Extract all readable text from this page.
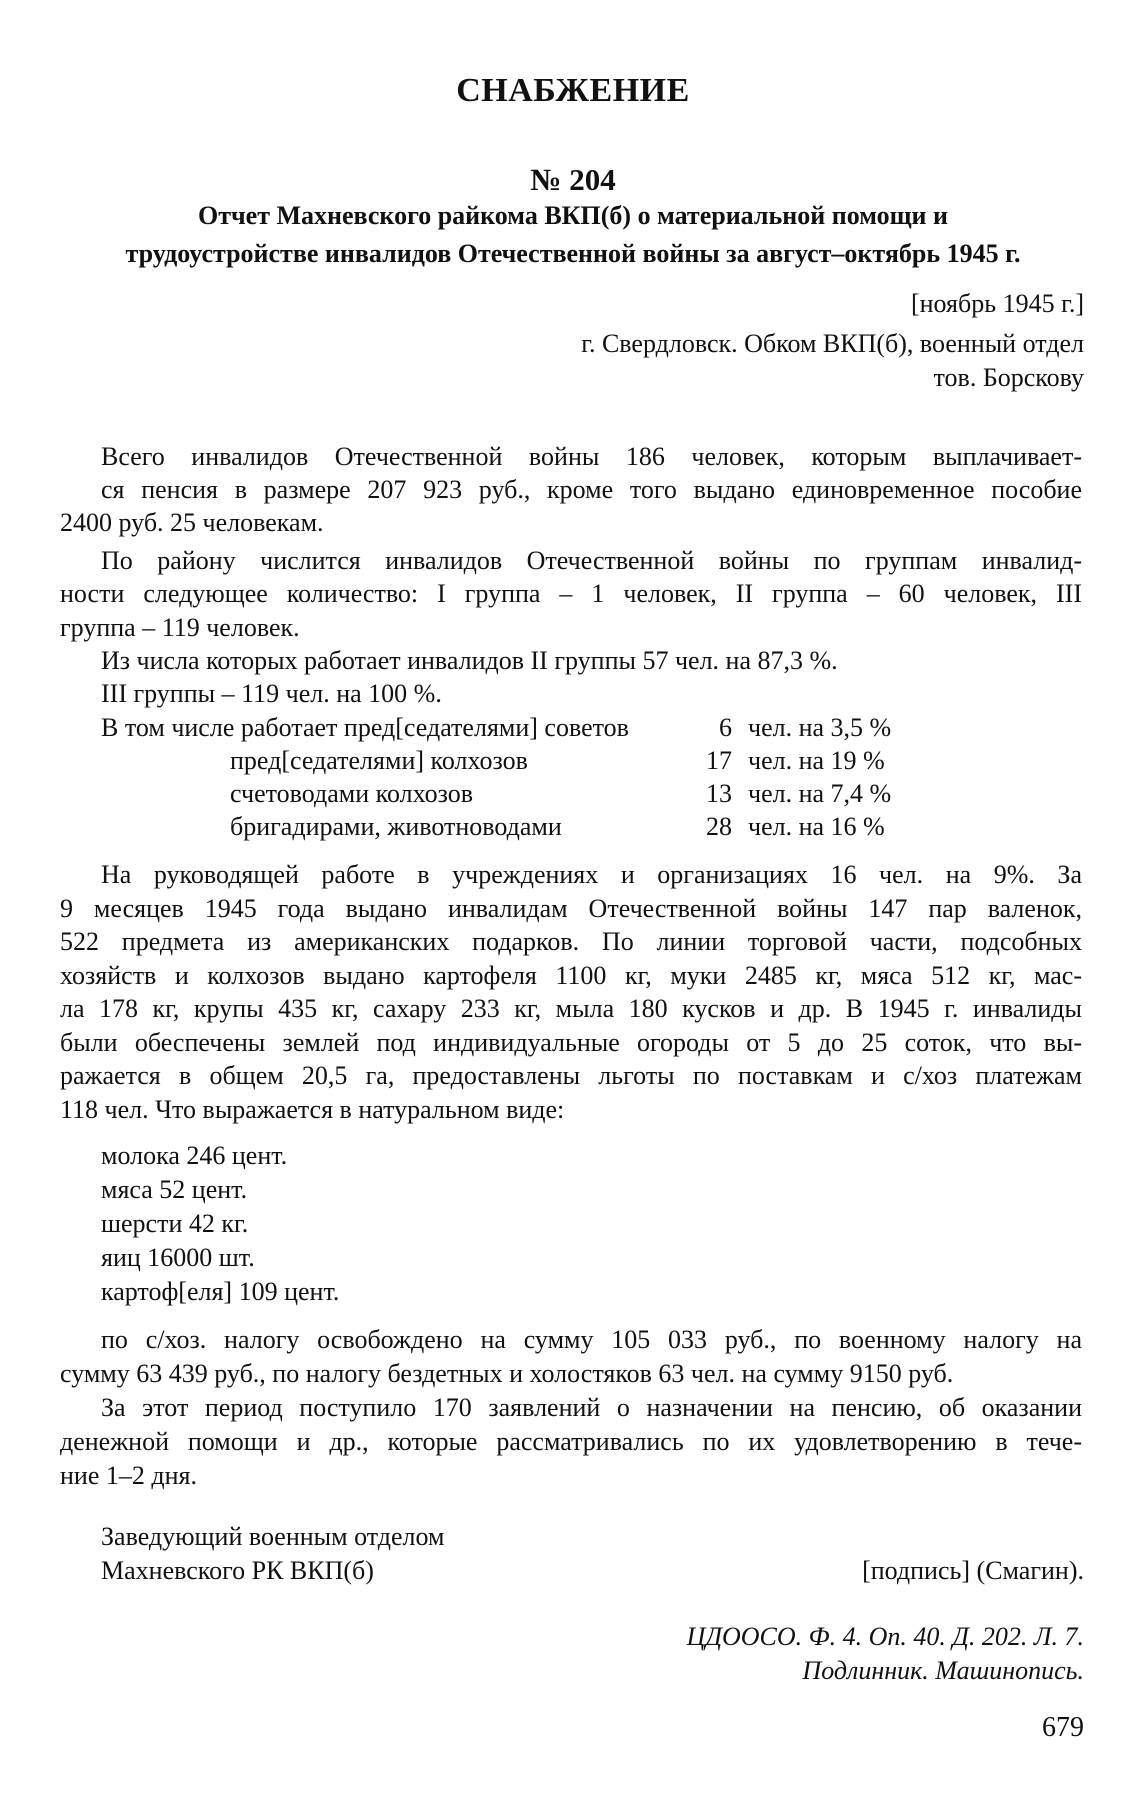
СНАБЖЕНИЕ
№ 204
Отчет Махневского райкома ВКП(б) о материальной помощи и
трудоустройстве инвалидов Отечественной войны за август–октябрь 1945 г.
[ноябрь 1945 г.]
г. Свердловск. Обком ВКП(б), военный отдел
тов. Борскову
Всего инвалидов Отечественной войны 186 человек, которым выплачивает-
ся пенсия в размере 207 923 руб., кроме того выдано единовременное пособие
2400 руб. 25 человекам.
По району числится инвалидов Отечественной войны по группам инвалид-
ности следующее количество: I группа – 1 человек, II группа – 60 человек, III
группа – 119 человек.
Из числа которых работает инвалидов II группы 57 чел. на 87,3 %.
III группы – 119 чел. на 100 %.
В том числе работает пред[седателями] советов	6 чел. на 3,5 %
пред[седателями] колхозов	17 чел. на 19 %
счетоводами колхозов	13 чел. на 7,4 %
бригадирами, животноводами	28 чел. на 16 %
На руководящей работе в учреждениях и организациях 16 чел. на 9%. За
9 месяцев 1945 года выдано инвалидам Отечественной войны 147 пар валенок,
522 предмета из американских подарков. По линии торговой части, подсобных
хозяйств и колхозов выдано картофеля 1100 кг, муки 2485 кг, мяса 512 кг, мас-
ла 178 кг, крупы 435 кг, сахару 233 кг, мыла 180 кусков и др. В 1945 г. инвалиды
были обеспечены землей под индивидуальные огороды от 5 до 25 соток, что вы-
ражается в общем 20,5 га, предоставлены льготы по поставкам и с/хоз платежам
118 чел. Что выражается в натуральном виде:
молока 246 цент.
мяса 52 цент.
шерсти 42 кг.
яиц 16000 шт.
картоф[еля] 109 цент.
по с/хоз. налогу освобождено на сумму 105 033 руб., по военному налогу на
сумму 63 439 руб., по налогу бездетных и холостяков 63 чел. на сумму 9150 руб.
За этот период поступило 170 заявлений о назначении на пенсию, об оказании
денежной помощи и др., которые рассматривались по их удовлетворению в тече-
ние 1–2 дня.
Заведующий военным отделом
Махневского РК ВКП(б)	[подпись] (Смагин).
ЦДООСО. Ф. 4. Оп. 40. Д. 202. Л. 7.
Подлинник. Машинопись.
679
